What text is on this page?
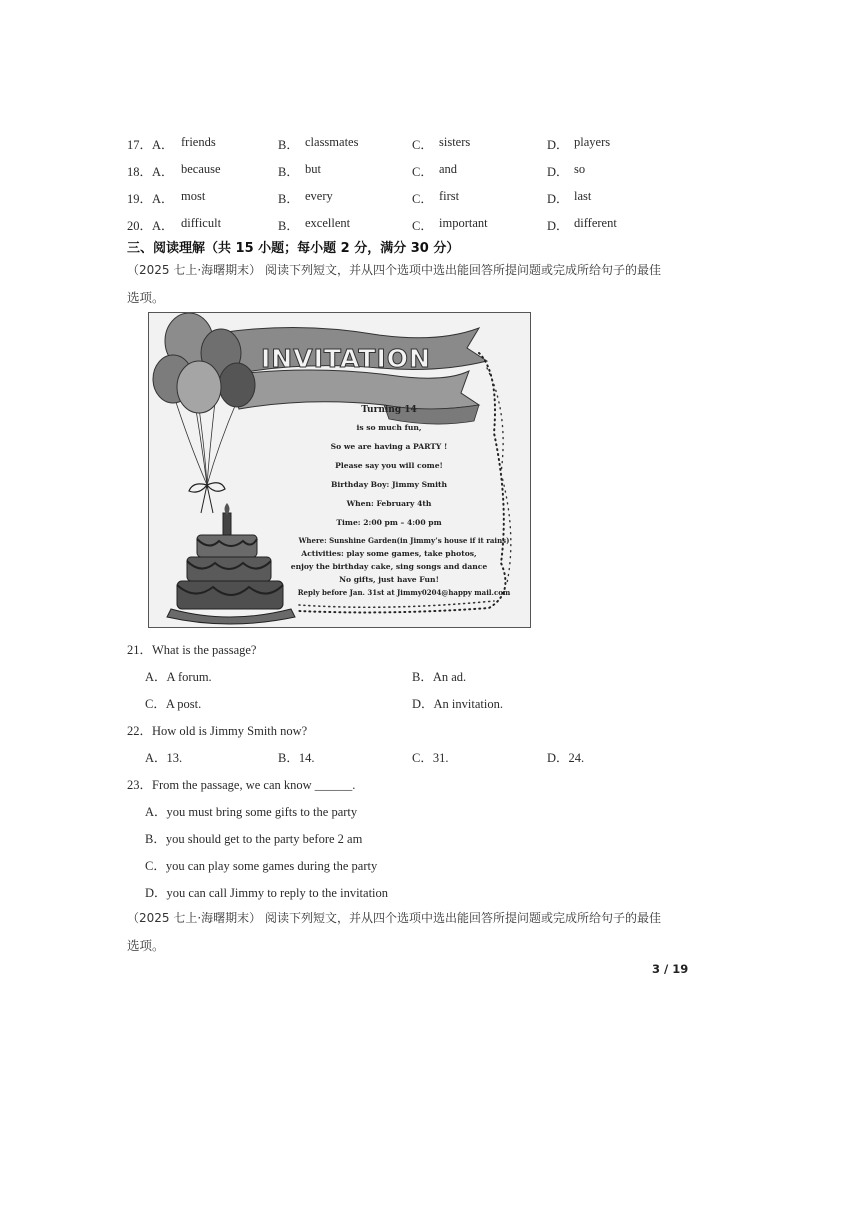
17．A． friends	B． classmates	C． sisters	D． players
18．A． because	B． but	C． and	D． so
19．A． most	B． every	C． first	D． last
20．A． difficult	B． excellent	C． important	D． different
三、阅读理解（共 15 小题；每小题 2 分，满分 30 分）
（2025 七上·海曙期末） 阅读下列短文，并从四个选项中选出能回答所提问题或完成所给句子的最佳
选项。
INVITATION
Turning 14
is so much fun,
So we are having a PARTY !
Please say you will come!
Birthday Boy: Jimmy Smith
When: February 4th
Time: 2:00 pm – 4:00 pm
Where: Sunshine Garden(in Jimmy’s house if it rains)
Activities: play some games, take photos,
enjoy the birthday cake, sing songs and dance
No gifts, just have Fun!
Reply before Jan. 31st at Jimmy0204@happy mail.com
21．What is the passage?
A．A forum.	B．An ad.
C．A post.	D．An invitation.
22．How old is Jimmy Smith now?
A．13.	B．14.	C．31.	D．24.
23．From the passage, we can know ______.
A．you must bring some gifts to the party
B．you should get to the party before 2 am
C．you can play some games during the party
D．you can call Jimmy to reply to the invitation
（2025 七上·海曙期末） 阅读下列短文，并从四个选项中选出能回答所提问题或完成所给句子的最佳
选项。
3 / 19
